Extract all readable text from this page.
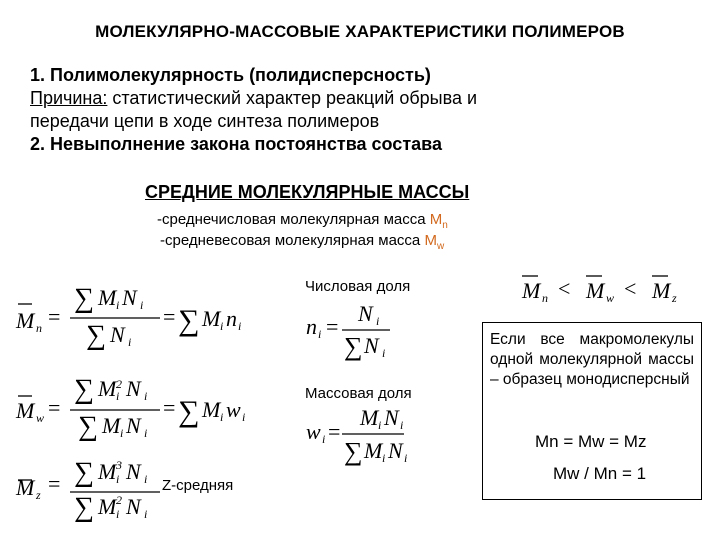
МОЛЕКУЛЯРНО-МАССОВЫЕ ХАРАКТЕРИСТИКИ ПОЛИМЕРОВ
1. Полимолекулярность (полидисперсность)
Причина: статистический характер реакций обрыва и
передачи цепи в ходе синтеза полимеров
2. Невыполнение закона постоянства состава
СРЕДНИЕ МОЛЕКУЛЯРНЫЕ МАССЫ
-среднечисловая молекулярная масса $M_n$
-средневесовая молекулярная масса $M_w$
Числовая доля
Массовая доля
Z-средняя
M n =
∑ M i N i
∑ N i
= ∑ M i n i
M w =
∑ M 2
i N i
∑ M i N i
= ∑ M i w i
M z = ∑ M 3
i N i
∑ M 2
i N i
n i =
N i
∑ N i
w i =
M i N i
∑ M i N i
M n < M w < M z
Если все макромолекулы одной молекулярной массы – образец монодисперсный
Mn = Mw = Mz
Mw / Mn = 1
